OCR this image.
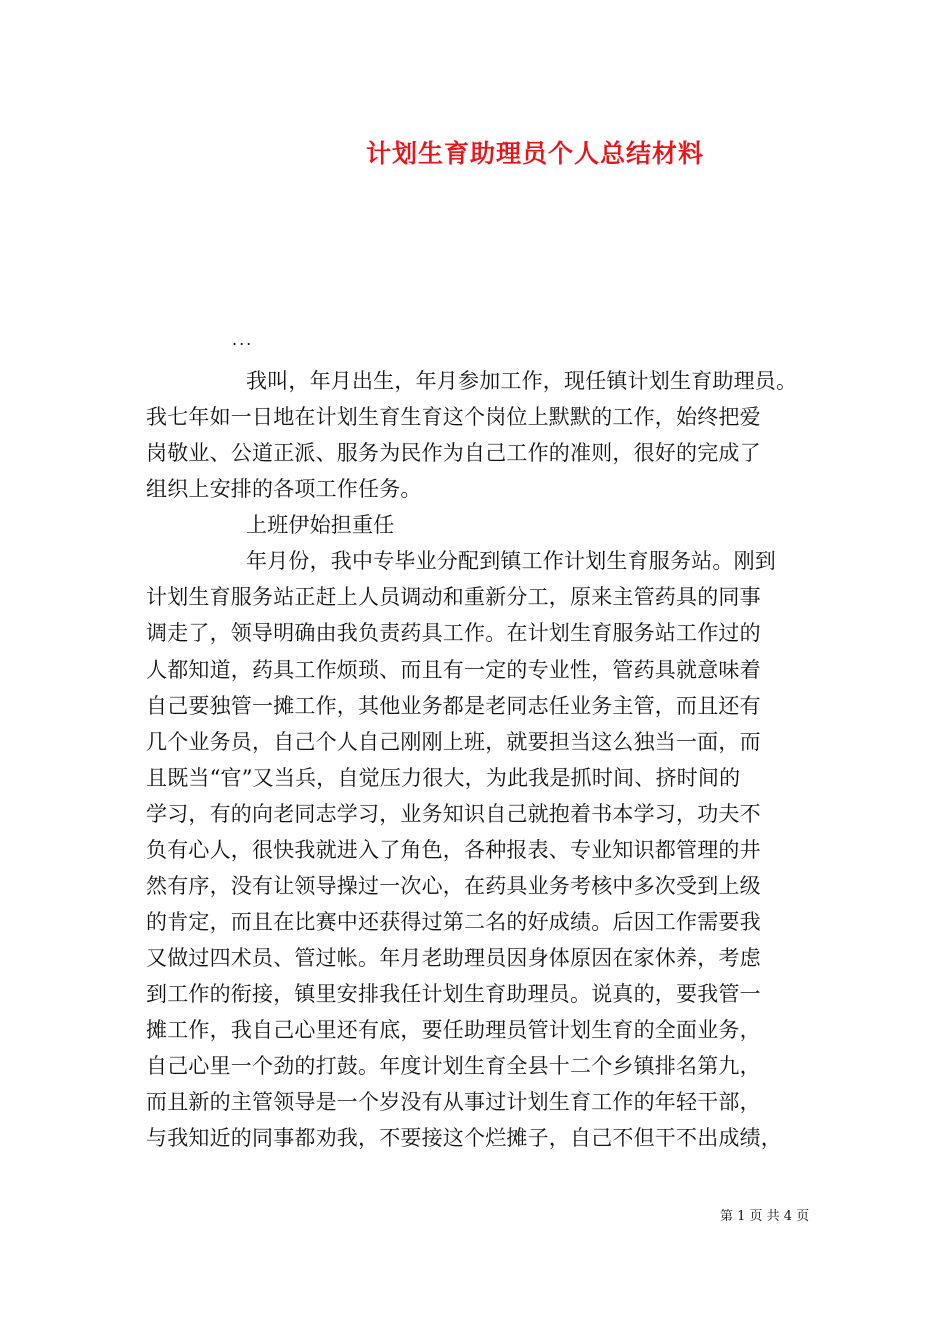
计划生育助理员个人总结材料
...
我叫，年月出生，年月参加工作，现任镇计划生育助理员。
我七年如一日地在计划生育生育这个岗位上默默的工作，始终把爱
岗敬业、公道正派、服务为民作为自己工作的准则，很好的完成了
组织上安排的各项工作任务。
上班伊始担重任
年月份，我中专毕业分配到镇工作计划生育服务站。刚到
计划生育服务站正赶上人员调动和重新分工，原来主管药具的同事
调走了，领导明确由我负责药具工作。在计划生育服务站工作过的
人都知道，药具工作烦琐、而且有一定的专业性，管药具就意味着
自己要独管一摊工作，其他业务都是老同志任业务主管，而且还有
几个业务员，自己个人自己刚刚上班，就要担当这么独当一面，而
且既当“官”又当兵，自觉压力很大，为此我是抓时间、挤时间的
学习，有的向老同志学习，业务知识自己就抱着书本学习，功夫不
负有心人，很快我就进入了角色，各种报表、专业知识都管理的井
然有序，没有让领导操过一次心，在药具业务考核中多次受到上级
的肯定，而且在比赛中还获得过第二名的好成绩。后因工作需要我
又做过四术员、管过帐。年月老助理员因身体原因在家休养，考虑
到工作的衔接，镇里安排我任计划生育助理员。说真的，要我管一
摊工作，我自己心里还有底，要任助理员管计划生育的全面业务，
自己心里一个劲的打鼓。年度计划生育全县十二个乡镇排名第九，
而且新的主管领导是一个岁没有从事过计划生育工作的年轻干部，
与我知近的同事都劝我，不要接这个烂摊子，自己不但干不出成绩，
第 1 页 共 4 页
